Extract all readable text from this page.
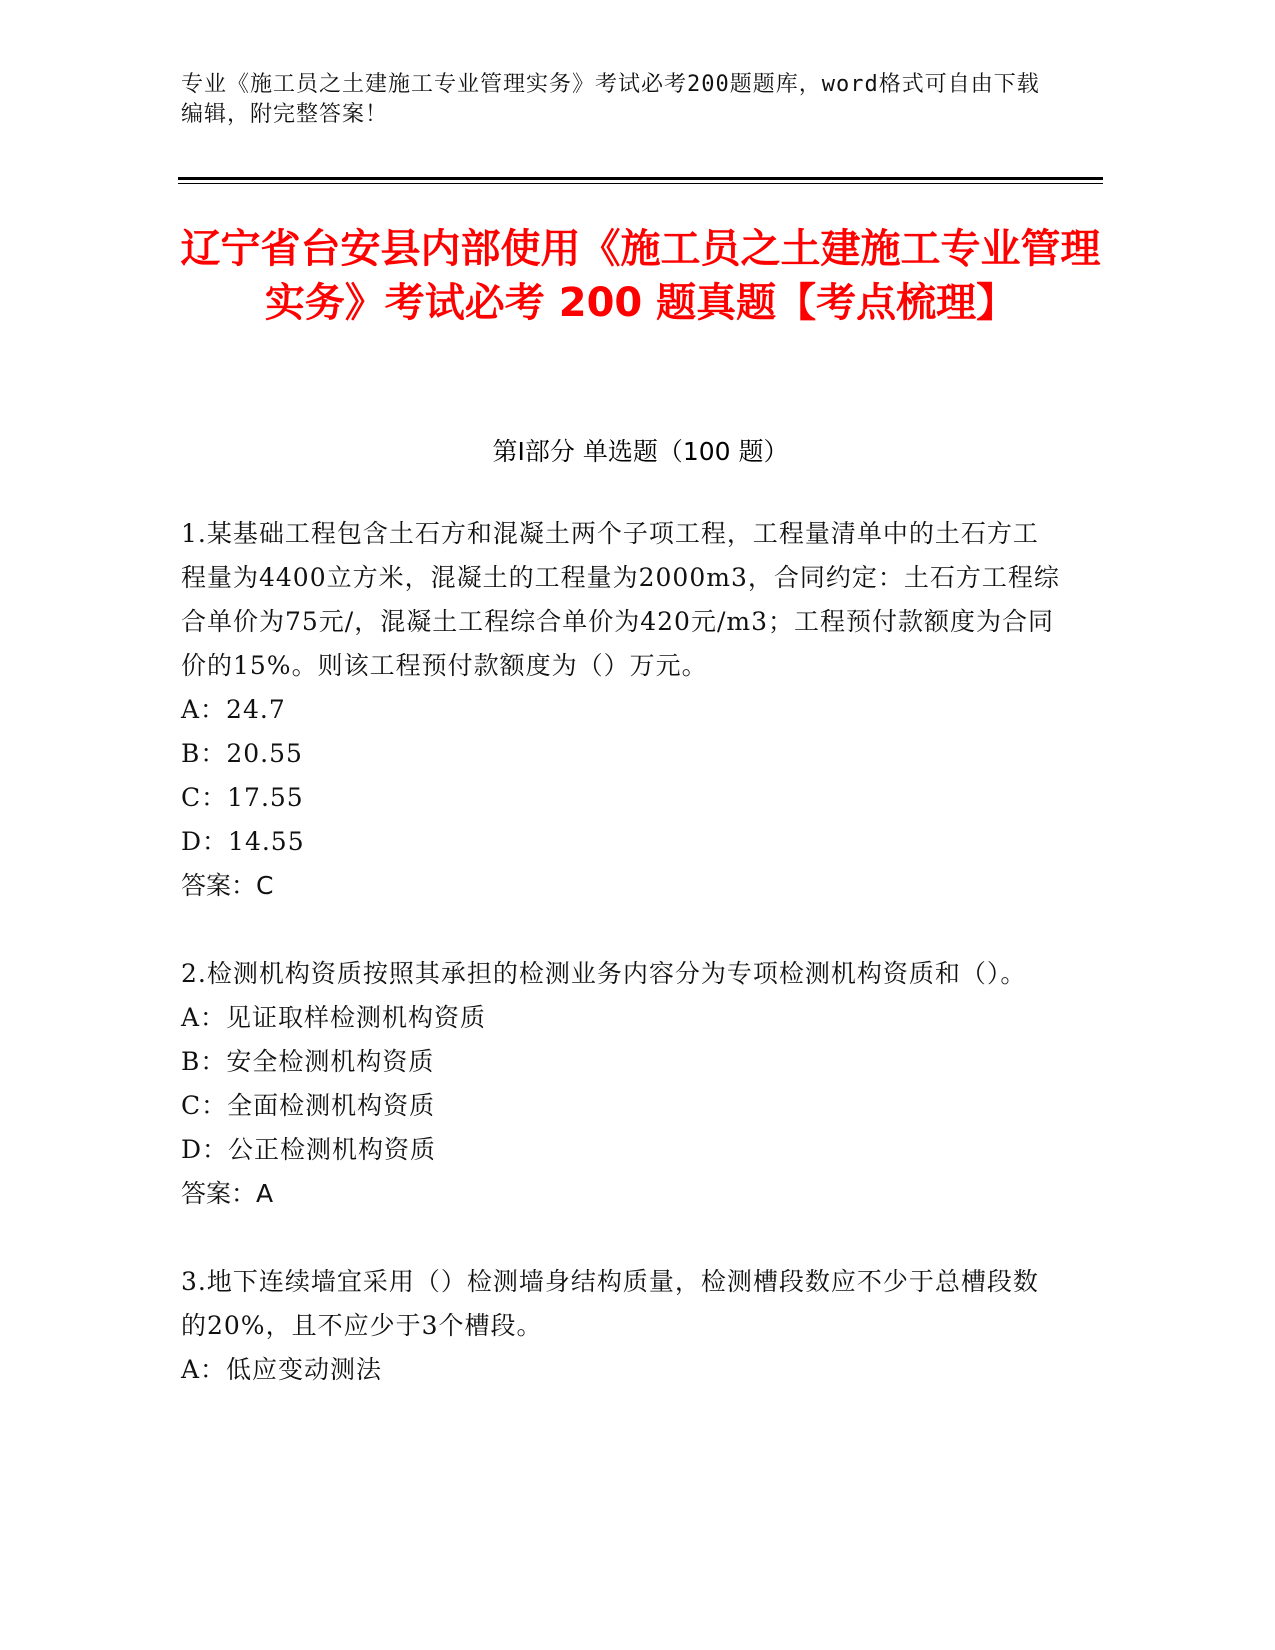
专业《施工员之土建施工专业管理实务》考试必考200题题库，word格式可自由下载编辑，附完整答案！
辽宁省台安县内部使用《施工员之土建施工专业管理实务》考试必考 200 题真题【考点梳理】
第Ⅰ部分 单选题（100 题）

1.某基础工程包含土石方和混凝土两个子项工程，工程量清单中的土石方工程量为4400立方米，混凝土的工程量为2000m3，合同约定：土石方工程综合单价为75元/，混凝土工程综合单价为420元/m3；工程预付款额度为合同价的15%。则该工程预付款额度为（）万元。

A：24.7

B：20.55

C：17.55

D：14.55

答案：C

2.检测机构资质按照其承担的检测业务内容分为专项检测机构资质和（）。

A：见证取样检测机构资质

B：安全检测机构资质

C：全面检测机构资质

D：公正检测机构资质

答案：A

3.地下连续墙宜采用（）检测墙身结构质量，检测槽段数应不少于总槽段数的20%，且不应少于3个槽段。

A：低应变动测法
